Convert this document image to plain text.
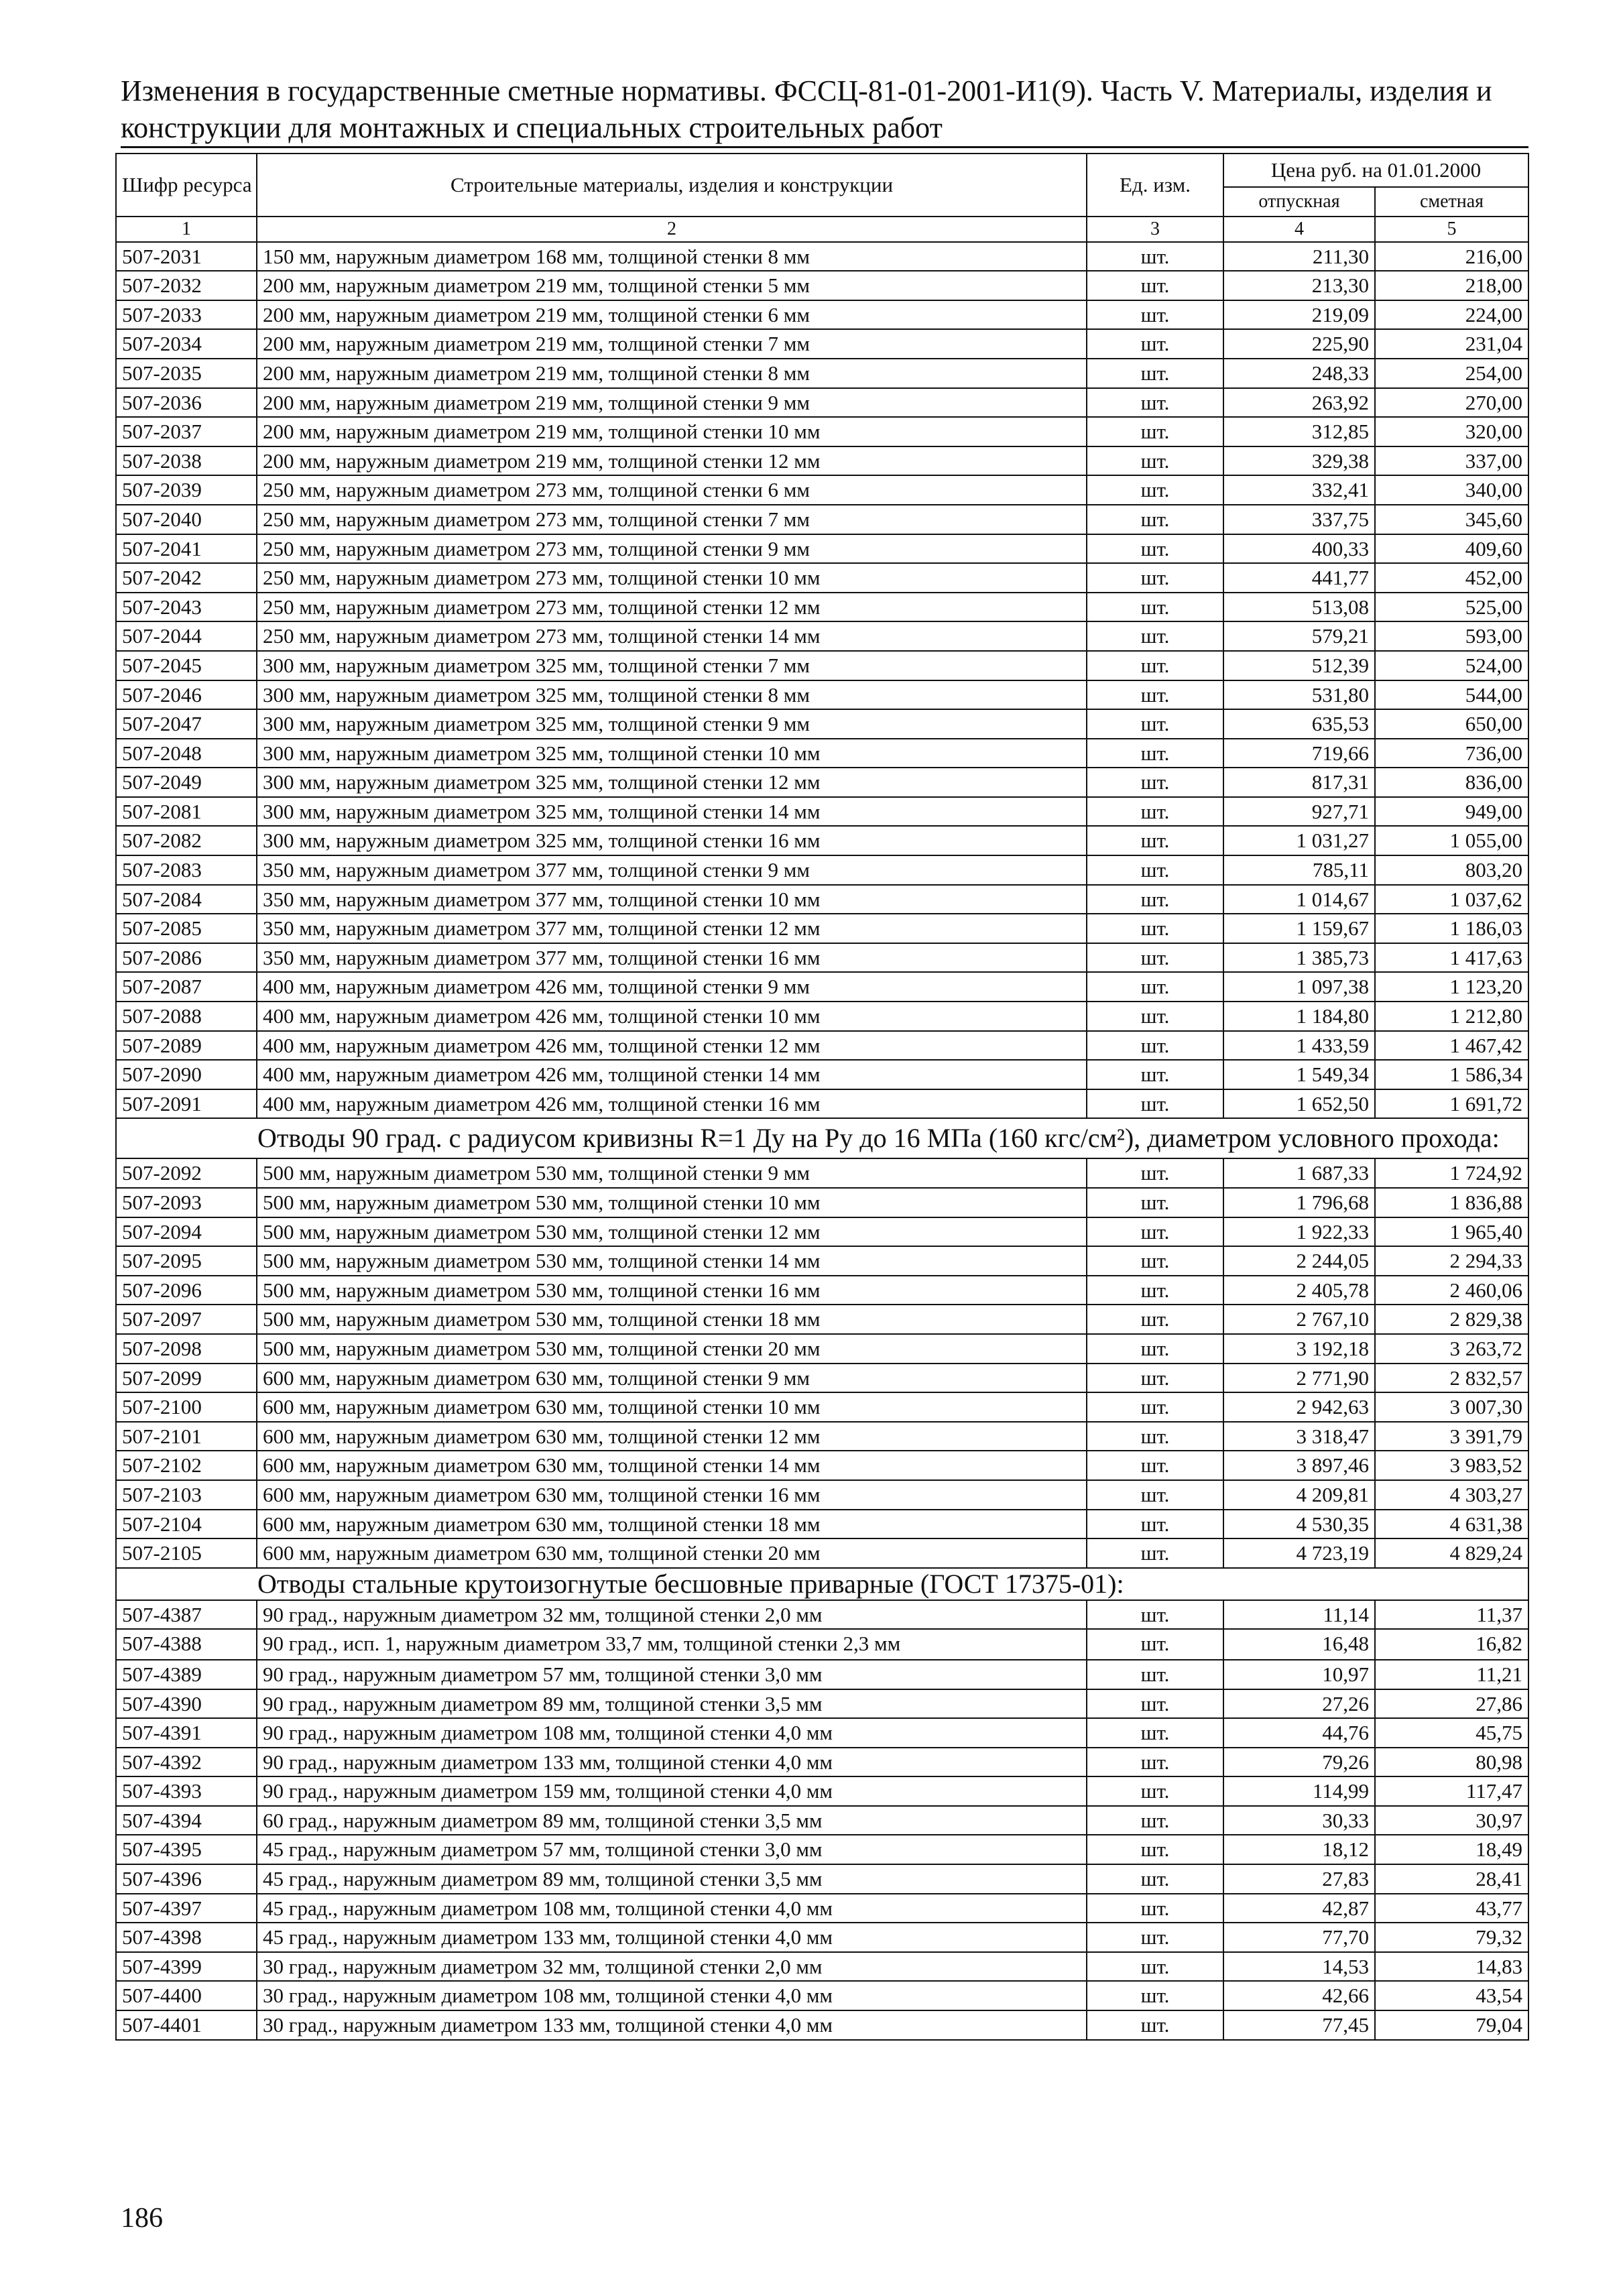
Изменения в государственные сметные нормативы. ФССЦ-81-01-2001-И1(9). Часть V. Материалы, изделия и
конструкции для монтажных и специальных строительных работ
Шифр ресурса	Строительные материалы, изделия и конструкции	Ед. изм.	Цена руб. на 01.01.2000	
			отпускная	сметная
1	2	3	4	5
507-2031	150 мм, наружным диаметром 168 мм, толщиной стенки 8 мм	шт.	211,30	216,00
507-2032	200 мм, наружным диаметром 219 мм, толщиной стенки 5 мм	шт.	213,30	218,00
507-2033	200 мм, наружным диаметром 219 мм, толщиной стенки 6 мм	шт.	219,09	224,00
507-2034	200 мм, наружным диаметром 219 мм, толщиной стенки 7 мм	шт.	225,90	231,04
507-2035	200 мм, наружным диаметром 219 мм, толщиной стенки 8 мм	шт.	248,33	254,00
507-2036	200 мм, наружным диаметром 219 мм, толщиной стенки 9 мм	шт.	263,92	270,00
507-2037	200 мм, наружным диаметром 219 мм, толщиной стенки 10 мм	шт.	312,85	320,00
507-2038	200 мм, наружным диаметром 219 мм, толщиной стенки 12 мм	шт.	329,38	337,00
507-2039	250 мм, наружным диаметром 273 мм, толщиной стенки 6 мм	шт.	332,41	340,00
507-2040	250 мм, наружным диаметром 273 мм, толщиной стенки 7 мм	шт.	337,75	345,60
507-2041	250 мм, наружным диаметром 273 мм, толщиной стенки 9 мм	шт.	400,33	409,60
507-2042	250 мм, наружным диаметром 273 мм, толщиной стенки 10 мм	шт.	441,77	452,00
507-2043	250 мм, наружным диаметром 273 мм, толщиной стенки 12 мм	шт.	513,08	525,00
507-2044	250 мм, наружным диаметром 273 мм, толщиной стенки 14 мм	шт.	579,21	593,00
507-2045	300 мм, наружным диаметром 325 мм, толщиной стенки 7 мм	шт.	512,39	524,00
507-2046	300 мм, наружным диаметром 325 мм, толщиной стенки 8 мм	шт.	531,80	544,00
507-2047	300 мм, наружным диаметром 325 мм, толщиной стенки 9 мм	шт.	635,53	650,00
507-2048	300 мм, наружным диаметром 325 мм, толщиной стенки 10 мм	шт.	719,66	736,00
507-2049	300 мм, наружным диаметром 325 мм, толщиной стенки 12 мм	шт.	817,31	836,00
507-2081	300 мм, наружным диаметром 325 мм, толщиной стенки 14 мм	шт.	927,71	949,00
507-2082	300 мм, наружным диаметром 325 мм, толщиной стенки 16 мм	шт.	1 031,27	1 055,00
507-2083	350 мм, наружным диаметром 377 мм, толщиной стенки 9 мм	шт.	785,11	803,20
507-2084	350 мм, наружным диаметром 377 мм, толщиной стенки 10 мм	шт.	1 014,67	1 037,62
507-2085	350 мм, наружным диаметром 377 мм, толщиной стенки 12 мм	шт.	1 159,67	1 186,03
507-2086	350 мм, наружным диаметром 377 мм, толщиной стенки 16 мм	шт.	1 385,73	1 417,63
507-2087	400 мм, наружным диаметром 426 мм, толщиной стенки 9 мм	шт.	1 097,38	1 123,20
507-2088	400 мм, наружным диаметром 426 мм, толщиной стенки 10 мм	шт.	1 184,80	1 212,80
507-2089	400 мм, наружным диаметром 426 мм, толщиной стенки 12 мм	шт.	1 433,59	1 467,42
507-2090	400 мм, наружным диаметром 426 мм, толщиной стенки 14 мм	шт.	1 549,34	1 586,34
507-2091	400 мм, наружным диаметром 426 мм, толщиной стенки 16 мм	шт.	1 652,50	1 691,72
Отводы 90 град. с радиусом кривизны R=1 Ду на Ру до 16 МПа (160 кгс/см²), диаметром условного прохода:				
507-2092	500 мм, наружным диаметром 530 мм, толщиной стенки 9 мм	шт.	1 687,33	1 724,92
507-2093	500 мм, наружным диаметром 530 мм, толщиной стенки 10 мм	шт.	1 796,68	1 836,88
507-2094	500 мм, наружным диаметром 530 мм, толщиной стенки 12 мм	шт.	1 922,33	1 965,40
507-2095	500 мм, наружным диаметром 530 мм, толщиной стенки 14 мм	шт.	2 244,05	2 294,33
507-2096	500 мм, наружным диаметром 530 мм, толщиной стенки 16 мм	шт.	2 405,78	2 460,06
507-2097	500 мм, наружным диаметром 530 мм, толщиной стенки 18 мм	шт.	2 767,10	2 829,38
507-2098	500 мм, наружным диаметром 530 мм, толщиной стенки 20 мм	шт.	3 192,18	3 263,72
507-2099	600 мм, наружным диаметром 630 мм, толщиной стенки 9 мм	шт.	2 771,90	2 832,57
507-2100	600 мм, наружным диаметром 630 мм, толщиной стенки 10 мм	шт.	2 942,63	3 007,30
507-2101	600 мм, наружным диаметром 630 мм, толщиной стенки 12 мм	шт.	3 318,47	3 391,79
507-2102	600 мм, наружным диаметром 630 мм, толщиной стенки 14 мм	шт.	3 897,46	3 983,52
507-2103	600 мм, наружным диаметром 630 мм, толщиной стенки 16 мм	шт.	4 209,81	4 303,27
507-2104	600 мм, наружным диаметром 630 мм, толщиной стенки 18 мм	шт.	4 530,35	4 631,38
507-2105	600 мм, наружным диаметром 630 мм, толщиной стенки 20 мм	шт.	4 723,19	4 829,24
Отводы стальные крутоизогнутые бесшовные приварные (ГОСТ 17375-01):				
507-4387	90 град., наружным диаметром 32 мм, толщиной стенки 2,0 мм	шт.	11,14	11,37
507-4388	90 град., исп. 1, наружным диаметром 33,7 мм, толщиной стенки 2,3 мм	шт.	16,48	16,82
507-4389	90 град., наружным диаметром 57 мм, толщиной стенки 3,0 мм	шт.	10,97	11,21
507-4390	90 град., наружным диаметром 89 мм, толщиной стенки 3,5 мм	шт.	27,26	27,86
507-4391	90 град., наружным диаметром 108 мм, толщиной стенки 4,0 мм	шт.	44,76	45,75
507-4392	90 град., наружным диаметром 133 мм, толщиной стенки 4,0 мм	шт.	79,26	80,98
507-4393	90 град., наружным диаметром 159 мм, толщиной стенки 4,0 мм	шт.	114,99	117,47
507-4394	60 град., наружным диаметром 89 мм, толщиной стенки 3,5 мм	шт.	30,33	30,97
507-4395	45 град., наружным диаметром 57 мм, толщиной стенки 3,0 мм	шт.	18,12	18,49
507-4396	45 град., наружным диаметром 89 мм, толщиной стенки 3,5 мм	шт.	27,83	28,41
507-4397	45 град., наружным диаметром 108 мм, толщиной стенки 4,0 мм	шт.	42,87	43,77
507-4398	45 град., наружным диаметром 133 мм, толщиной стенки 4,0 мм	шт.	77,70	79,32
507-4399	30 град., наружным диаметром 32 мм, толщиной стенки 2,0 мм	шт.	14,53	14,83
507-4400	30 град., наружным диаметром 108 мм, толщиной стенки 4,0 мм	шт.	42,66	43,54
507-4401	30 град., наружным диаметром 133 мм, толщиной стенки 4,0 мм	шт.	77,45	79,04
186
